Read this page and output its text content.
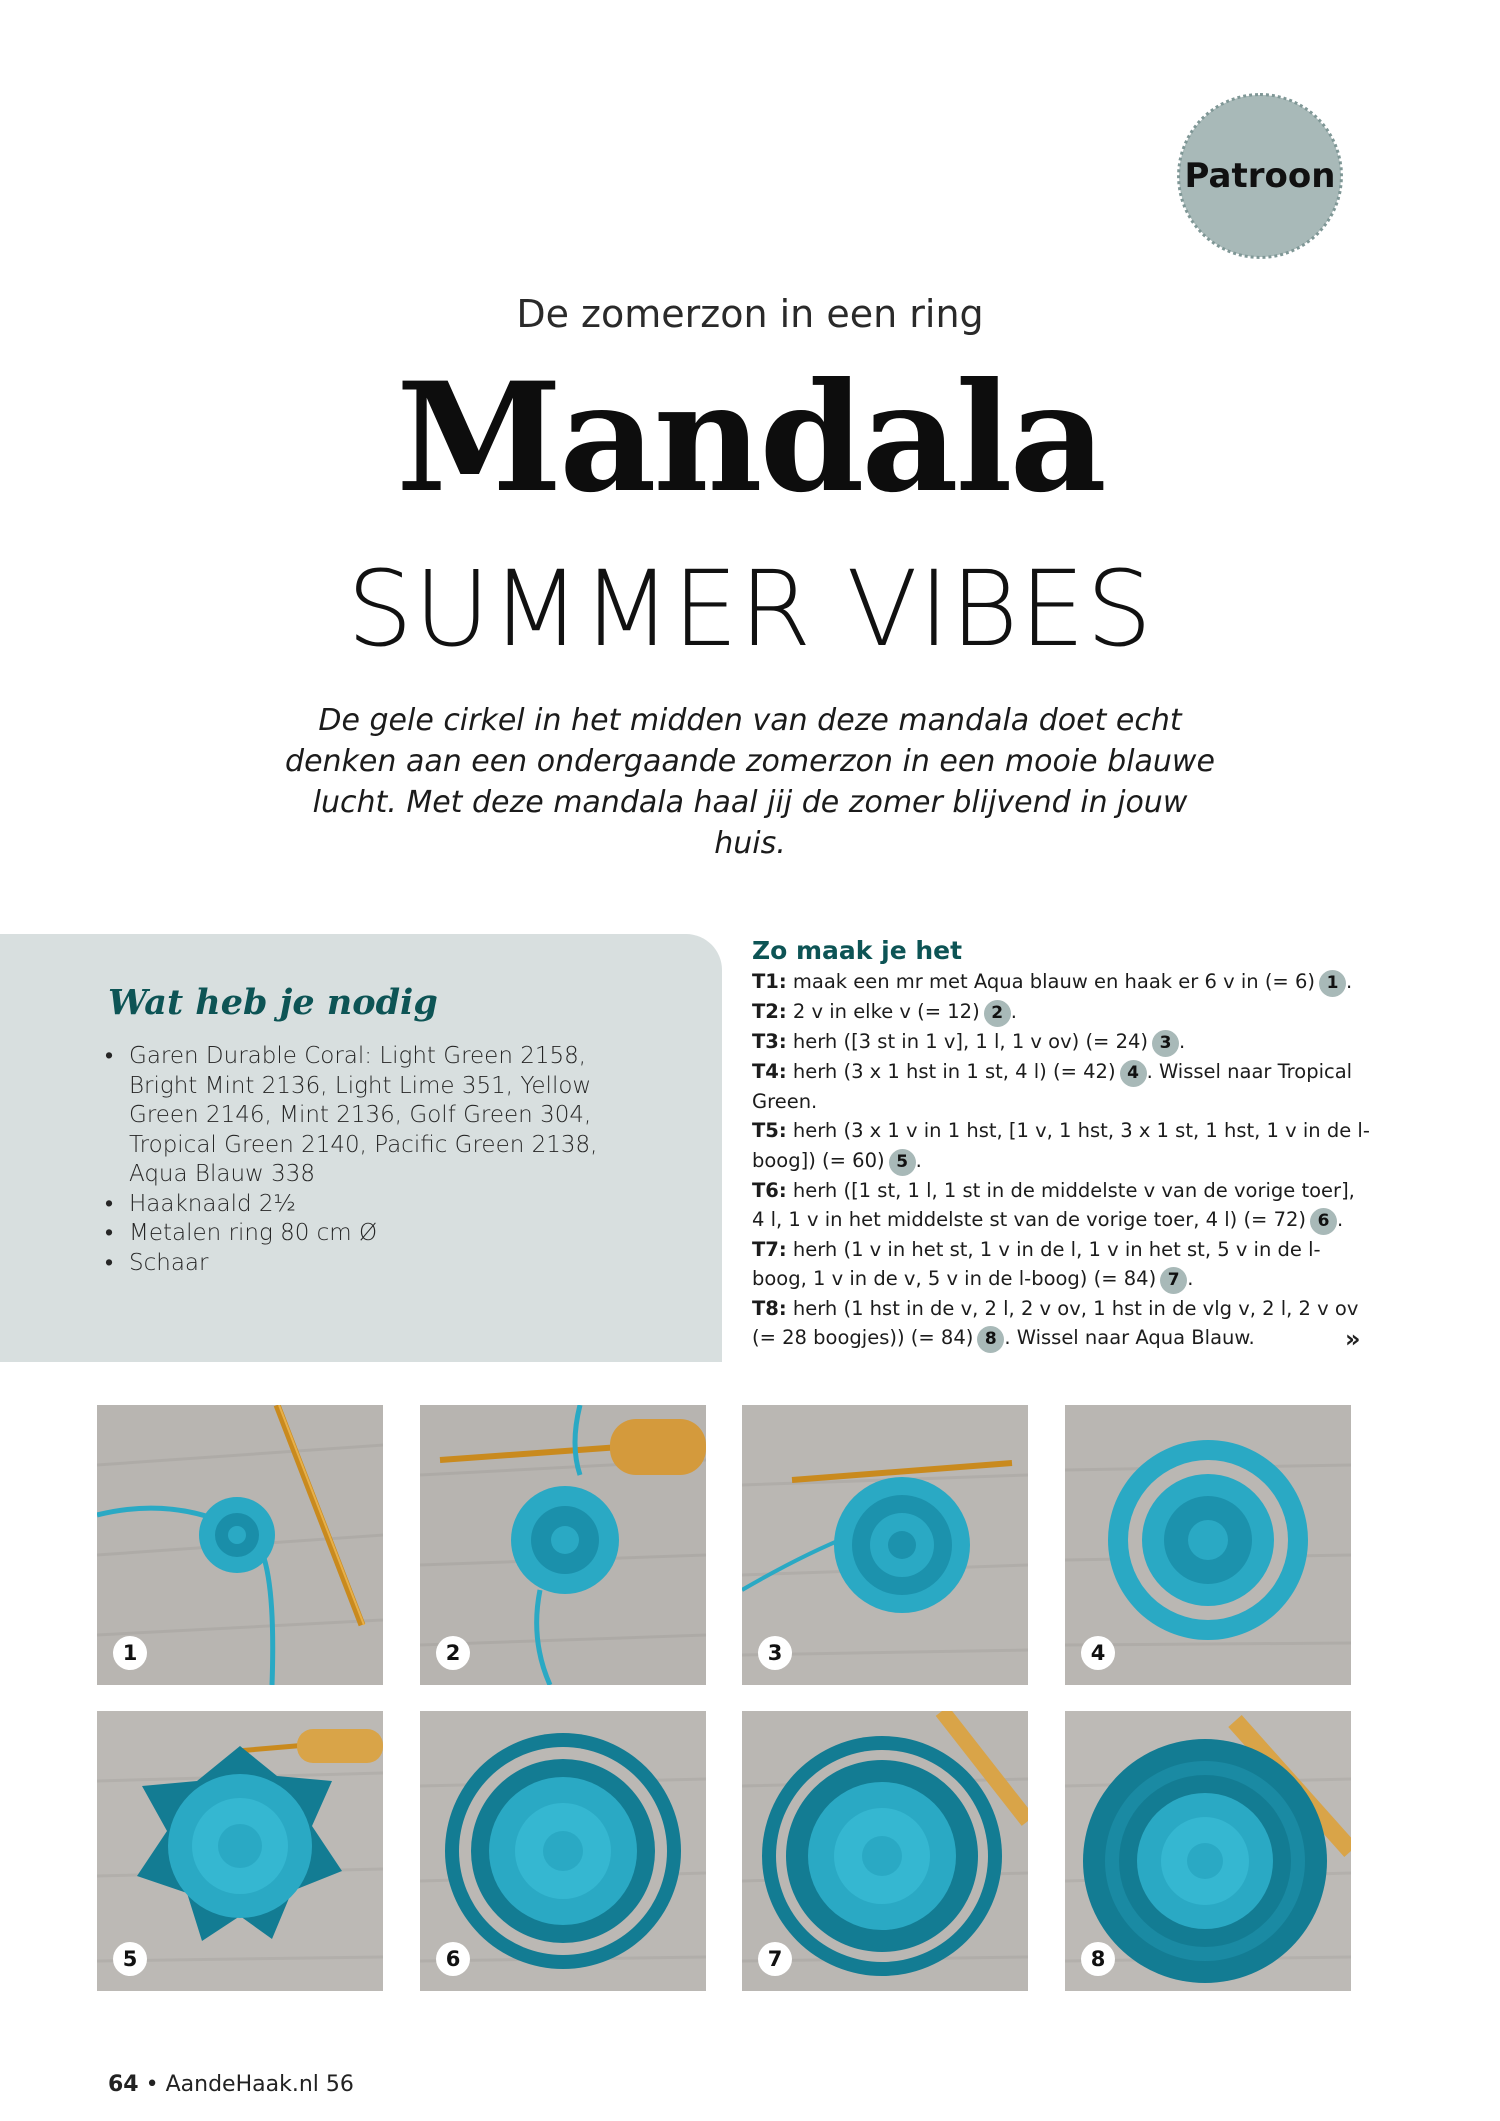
Patroon
De zomerzon in een ring
Mandala
SUMMER VIBES
De gele cirkel in het midden van deze mandala doet echt denken aan een ondergaande zomerzon in een mooie blauwe lucht. Met deze mandala haal jij de zomer blijvend in jouw huis.
Wat heb je nodig
• Garen Durable Coral: Light Green 2158, Bright Mint 2136, Light Lime 351, Yellow Green 2146, Mint 2136, Golf Green 304, Tropical Green 2140, Pacific Green 2138, Aqua Blauw 338
• Haaknaald 2½
• Metalen ring 80 cm Ø
• Schaar
Zo maak je het
T1: maak een mr met Aqua blauw en haak er 6 v in (= 6) 1 .
T2: 2 v in elke v (= 12) 2 .
T3: herh ([3 st in 1 v], 1 l, 1 v ov) (= 24) 3 .
T4: herh (3 x 1 hst in 1 st, 4 l) (= 42) 4 . Wissel naar Tropical Green.
T5: herh (3 x 1 v in 1 hst, [1 v, 1 hst, 3 x 1 st, 1 hst, 1 v in de l-boog]) (= 60) 5 .
T6: herh ([1 st, 1 l, 1 st in de middelste v van de vorige toer], 4 l, 1 v in het middelste st van de vorige toer, 4 l) (= 72) 6 .
T7: herh (1 v in het st, 1 v in de l, 1 v in het st, 5 v in de l-boog, 1 v in de v, 5 v in de l-boog) (= 84) 7 .
T8: herh (1 hst in de v, 2 l, 2 v ov, 1 hst in de vlg v, 2 l, 2 v ov (= 28 boogjes)) (= 84) 8 . Wissel naar Aqua Blauw.	»
1	2	3	4
5	6	7	8
64 • AandeHaak.nl 56
